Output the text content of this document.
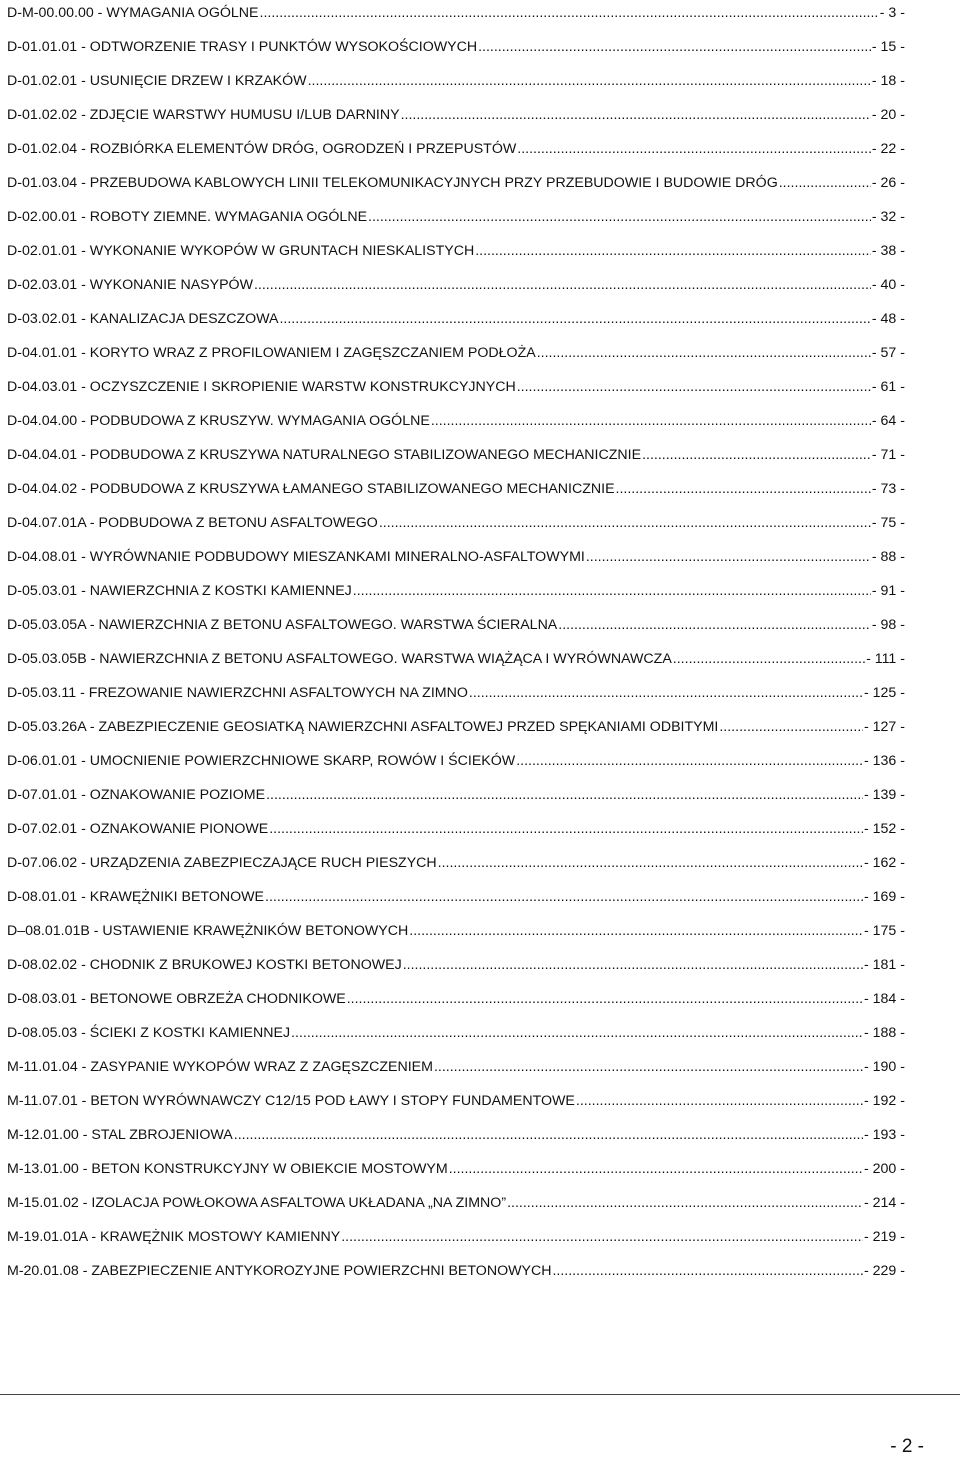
D-M-00.00.00 - WYMAGANIA OGÓLNE .....	- 3 -
D-01.01.01 - ODTWORZENIE TRASY I PUNKTÓW WYSOKOŚCIOWYCH .....	- 15 -
D-01.02.01 - USUNIĘCIE DRZEW I KRZAKÓW .....	- 18 -
D-01.02.02 - ZDJĘCIE WARSTWY HUMUSU I/LUB DARNINY .....	- 20 -
D-01.02.04 - ROZBIÓRKA ELEMENTÓW DRÓG, OGRODZEŃ I PRZEPUSTÓW .....	- 22 -
D-01.03.04 - PRZEBUDOWA KABLOWYCH LINII TELEKOMUNIKACYJNYCH PRZY PRZEBUDOWIE I BUDOWIE DRÓG .....	- 26 -
D-02.00.01 - ROBOTY ZIEMNE. WYMAGANIA OGÓLNE .....	- 32 -
D-02.01.01 - WYKONANIE WYKOPÓW W GRUNTACH NIESKALISTYCH .....	- 38 -
D-02.03.01 - WYKONANIE NASYPÓW .....	- 40 -
D-03.02.01 - KANALIZACJA DESZCZOWA .....	- 48 -
D-04.01.01 - KORYTO WRAZ Z PROFILOWANIEM I ZAGĘSZCZANIEM PODŁOŻA .....	- 57 -
D-04.03.01 - OCZYSZCZENIE I SKROPIENIE WARSTW KONSTRUKCYJNYCH .....	- 61 -
D-04.04.00 - PODBUDOWA Z KRUSZYW. WYMAGANIA OGÓLNE .....	- 64 -
D-04.04.01 - PODBUDOWA Z KRUSZYWA NATURALNEGO STABILIZOWANEGO MECHANICZNIE .....	- 71 -
D-04.04.02 - PODBUDOWA Z KRUSZYWA ŁAMANEGO STABILIZOWANEGO MECHANICZNIE .....	- 73 -
D-04.07.01A - PODBUDOWA Z BETONU ASFALTOWEGO .....	- 75 -
D-04.08.01 - WYRÓWNANIE PODBUDOWY MIESZANKAMI MINERALNO-ASFALTOWYMI .....	- 88 -
D-05.03.01 - NAWIERZCHNIA Z KOSTKI KAMIENNEJ .....	- 91 -
D-05.03.05A - NAWIERZCHNIA Z BETONU ASFALTOWEGO. WARSTWA ŚCIERALNA .....	- 98 -
D-05.03.05B - NAWIERZCHNIA Z BETONU ASFALTOWEGO. WARSTWA WIĄŻĄCA I WYRÓWNAWCZA .....	- 111 -
D-05.03.11 - FREZOWANIE NAWIERZCHNI ASFALTOWYCH NA ZIMNO .....	- 125 -
D-05.03.26A - ZABEZPIECZENIE GEOSIATKĄ NAWIERZCHNI ASFALTOWEJ PRZED SPĘKANIAMI ODBITYMI .....	- 127 -
D-06.01.01 - UMOCNIENIE POWIERZCHNIOWE SKARP, ROWÓW I ŚCIEKÓW .....	- 136 -
D-07.01.01 - OZNAKOWANIE POZIOME .....	- 139 -
D-07.02.01 - OZNAKOWANIE PIONOWE .....	- 152 -
D-07.06.02 - URZĄDZENIA ZABEZPIECZAJĄCE RUCH PIESZYCH .....	- 162 -
D-08.01.01 - KRAWĘŻNIKI BETONOWE .....	- 169 -
D–08.01.01B - USTAWIENIE KRAWĘŻNIKÓW BETONOWYCH .....	- 175 -
D-08.02.02 - CHODNIK Z BRUKOWEJ KOSTKI BETONOWEJ .....	- 181 -
D-08.03.01 - BETONOWE OBRZEŻA CHODNIKOWE .....	- 184 -
D-08.05.03 - ŚCIEKI Z KOSTKI KAMIENNEJ .....	- 188 -
M-11.01.04 - ZASYPANIE WYKOPÓW WRAZ Z ZAGĘSZCZENIEM .....	- 190 -
M-11.07.01 - BETON WYRÓWNAWCZY C12/15 POD ŁAWY I STOPY FUNDAMENTOWE .....	- 192 -
M-12.01.00 - STAL ZBROJENIOWA .....	- 193 -
M-13.01.00 - BETON KONSTRUKCYJNY W OBIEKCIE MOSTOWYM .....	- 200 -
M-15.01.02 - IZOLACJA POWŁOKOWA ASFALTOWA UKŁADANA „NA ZIMNO” .....	- 214 -
M-19.01.01A - KRAWĘŻNIK MOSTOWY KAMIENNY .....	- 219 -
M-20.01.08 - ZABEZPIECZENIE ANTYKOROZYJNE POWIERZCHNI BETONOWYCH .....	- 229 -
- 2 -
